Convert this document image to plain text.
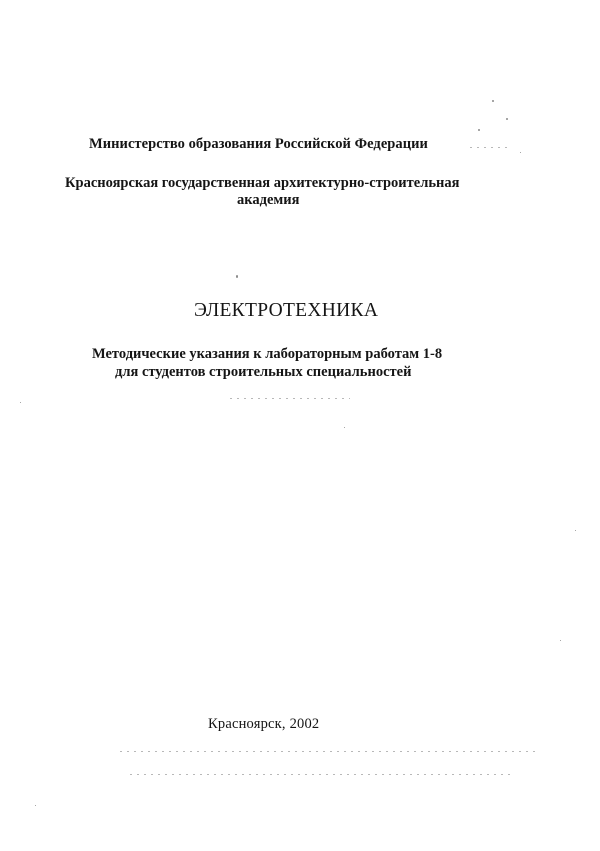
Министерство образования Российской Федерации
Красноярская государственная архитектурно-строительная
академия
ЭЛЕКТРОТЕХНИКА
Методические указания к лабораторным работам 1-8
для студентов строительных специальностей
Красноярск, 2002
